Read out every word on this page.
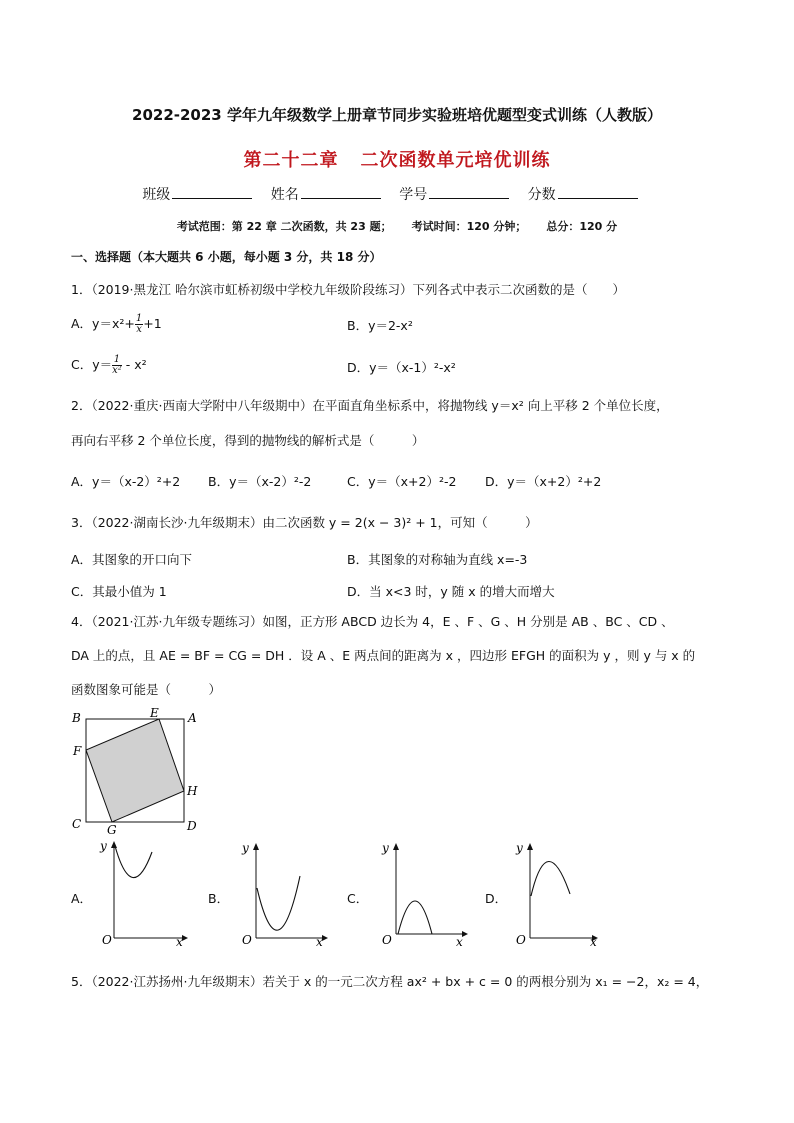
2022-2023 学年九年级数学上册章节同步实验班培优题型变式训练（人教版）
第二十二章 二次函数单元培优训练
班级	姓名	学号	分数
考试范围：第 22 章 二次函数，共 23 题； 考试时间：120 分钟； 总分：120 分
一、选择题（本大题共 6 小题，每小题 3 分，共 18 分）
1．（2019·黑龙江 哈尔滨市虹桥初级中学校九年级阶段练习）下列各式中表示二次函数的是（　　）
A．$y=x^2+ \frac{1}{x} +1$	B．y＝2-x²
C．$y= \frac{1}{\text{x²}} - x^2$	D．y＝（x-1）²-x²
2．（2022·重庆·西南大学附中八年级期中）在平面直角坐标系中，将抛物线 y＝x² 向上平移 2 个单位长度，
再向右平移 2 个单位长度，得到的抛物线的解析式是（　　　）
A．y＝（x-2）²+2 B．y＝（x-2）²-2	C．y＝（x+2）²-2 D．y＝（x+2）²+2
3．（2022·湖南长沙·九年级期末）由二次函数 y = 2(x − 3)² + 1，可知（　　　）
A．其图象的开口向下	B．其图象的对称轴为直线 x=-3
C．其最小值为 1	D．当 x<3 时，y 随 x 的增大而增大
4．（2021·江苏·九年级专题练习）如图，正方形 ABCD 边长为 4，E 、F 、G 、H 分别是 AB 、BC 、CD 、
DA 上的点，且 AE = BF = CG = DH ．设 A 、E 两点间的距离为 x ，四边形 EFGH 的面积为 y ，则 y 与 x 的
函数图象可能是（　　　）
B	E A
F
H
C G	D
A．
y
x
O
B．
y
x
O
C．
y
x
O
D．
y
x
O
5．（2022·江苏扬州·九年级期末）若关于 x 的一元二次方程 ax² + bx + c = 0 的两根分别为 x₁ = −2，x₂ = 4，
